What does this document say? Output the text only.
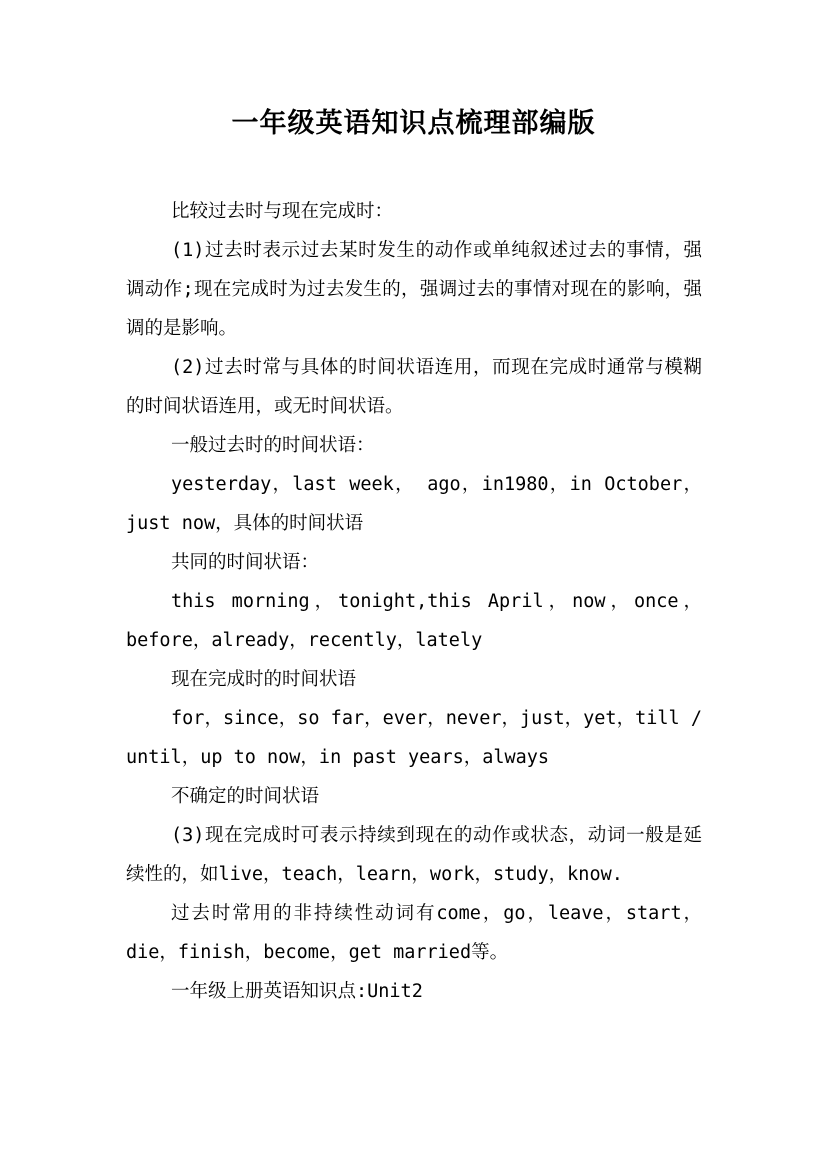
一年级英语知识点梳理部编版

比较过去时与现在完成时：

(1)过去时表示过去某时发生的动作或单纯叙述过去的事情，强调动作;现在完成时为过去发生的，强调过去的事情对现在的影响，强调的是影响。

(2)过去时常与具体的时间状语连用，而现在完成时通常与模糊的时间状语连用，或无时间状语。

一般过去时的时间状语：

yesterday，last week， ago，in1980，in October，just now，具体的时间状语

共同的时间状语：

this morning，tonight,this April，now，once，before，already，recently，lately

现在完成时的时间状语

for，since，so far，ever，never，just，yet，till / until，up to now，in past years，always

不确定的时间状语

(3)现在完成时可表示持续到现在的动作或状态，动词一般是延续性的，如live，teach，learn，work，study，know.

过去时常用的非持续性动词有come，go，leave，start，die，finish，become，get married等。

一年级上册英语知识点:Unit2
